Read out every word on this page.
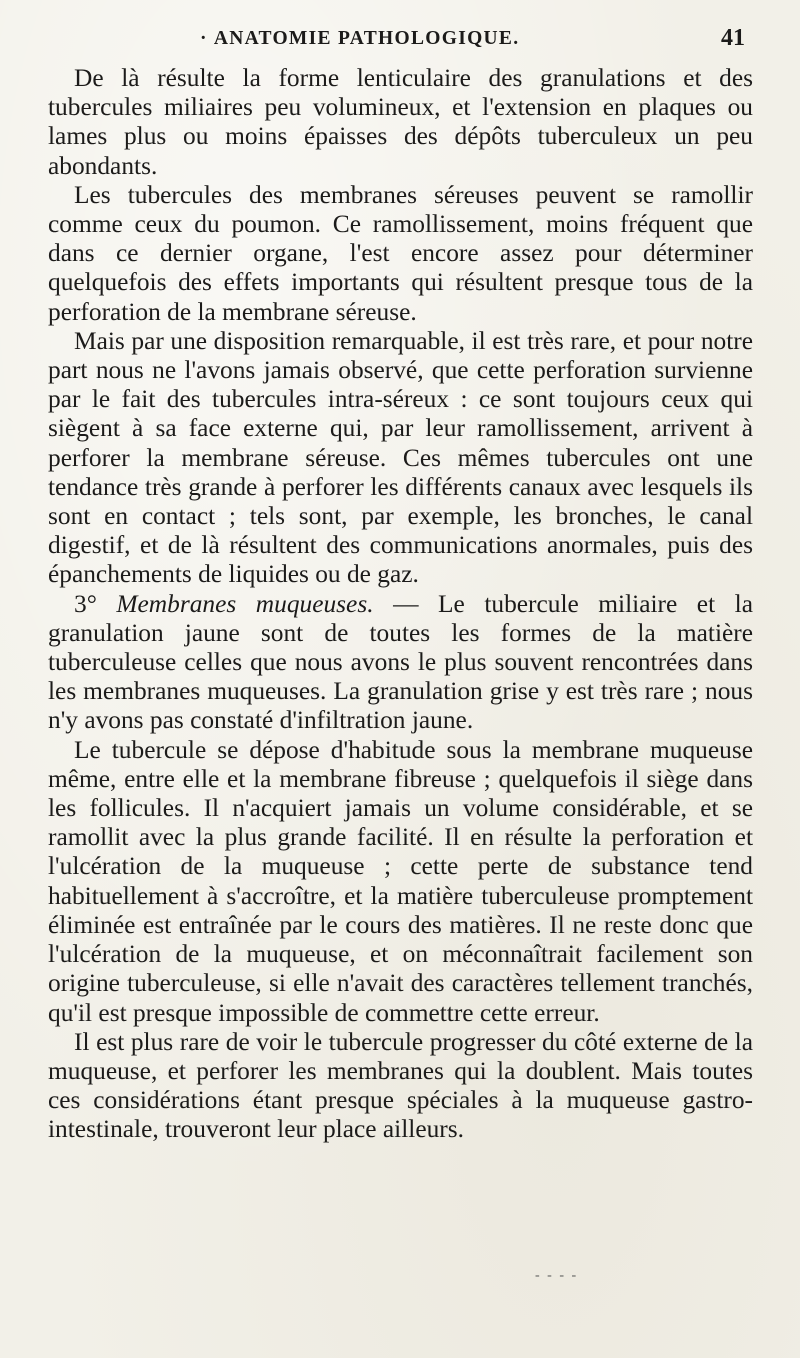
· ANATOMIE PATHOLOGIQUE.	41

De là résulte la forme lenticulaire des granulations et des tubercules miliaires peu volumineux, et l'extension en plaques ou lames plus ou moins épaisses des dépôts tuberculeux un peu abondants.

Les tubercules des membranes séreuses peuvent se ramollir comme ceux du poumon. Ce ramollissement, moins fréquent que dans ce dernier organe, l'est encore assez pour déterminer quelquefois des effets importants qui résultent presque tous de la perforation de la membrane séreuse.

Mais par une disposition remarquable, il est très rare, et pour notre part nous ne l'avons jamais observé, que cette perforation survienne par le fait des tubercules intra-séreux : ce sont toujours ceux qui siègent à sa face externe qui, par leur ramollissement, arrivent à perforer la membrane séreuse. Ces mêmes tubercules ont une tendance très grande à perforer les différents canaux avec lesquels ils sont en contact ; tels sont, par exemple, les bronches, le canal digestif, et de là résultent des communications anormales, puis des épanchements de liquides ou de gaz.

3° Membranes muqueuses. — Le tubercule miliaire et la granulation jaune sont de toutes les formes de la matière tuberculeuse celles que nous avons le plus souvent rencontrées dans les membranes muqueuses. La granulation grise y est très rare ; nous n'y avons pas constaté d'infiltration jaune.

Le tubercule se dépose d'habitude sous la membrane muqueuse même, entre elle et la membrane fibreuse ; quelquefois il siège dans les follicules. Il n'acquiert jamais un volume considérable, et se ramollit avec la plus grande facilité. Il en résulte la perforation et l'ulcération de la muqueuse ; cette perte de substance tend habituellement à s'accroître, et la matière tuberculeuse promptement éliminée est entraînée par le cours des matières. Il ne reste donc que l'ulcération de la muqueuse, et on méconnaîtrait facilement son origine tuberculeuse, si elle n'avait des caractères tellement tranchés, qu'il est presque impossible de commettre cette erreur.

Il est plus rare de voir le tubercule progresser du côté externe de la muqueuse, et perforer les membranes qui la doublent. Mais toutes ces considérations étant presque spéciales à la muqueuse gastro-intestinale, trouveront leur place ailleurs.

- - - -
